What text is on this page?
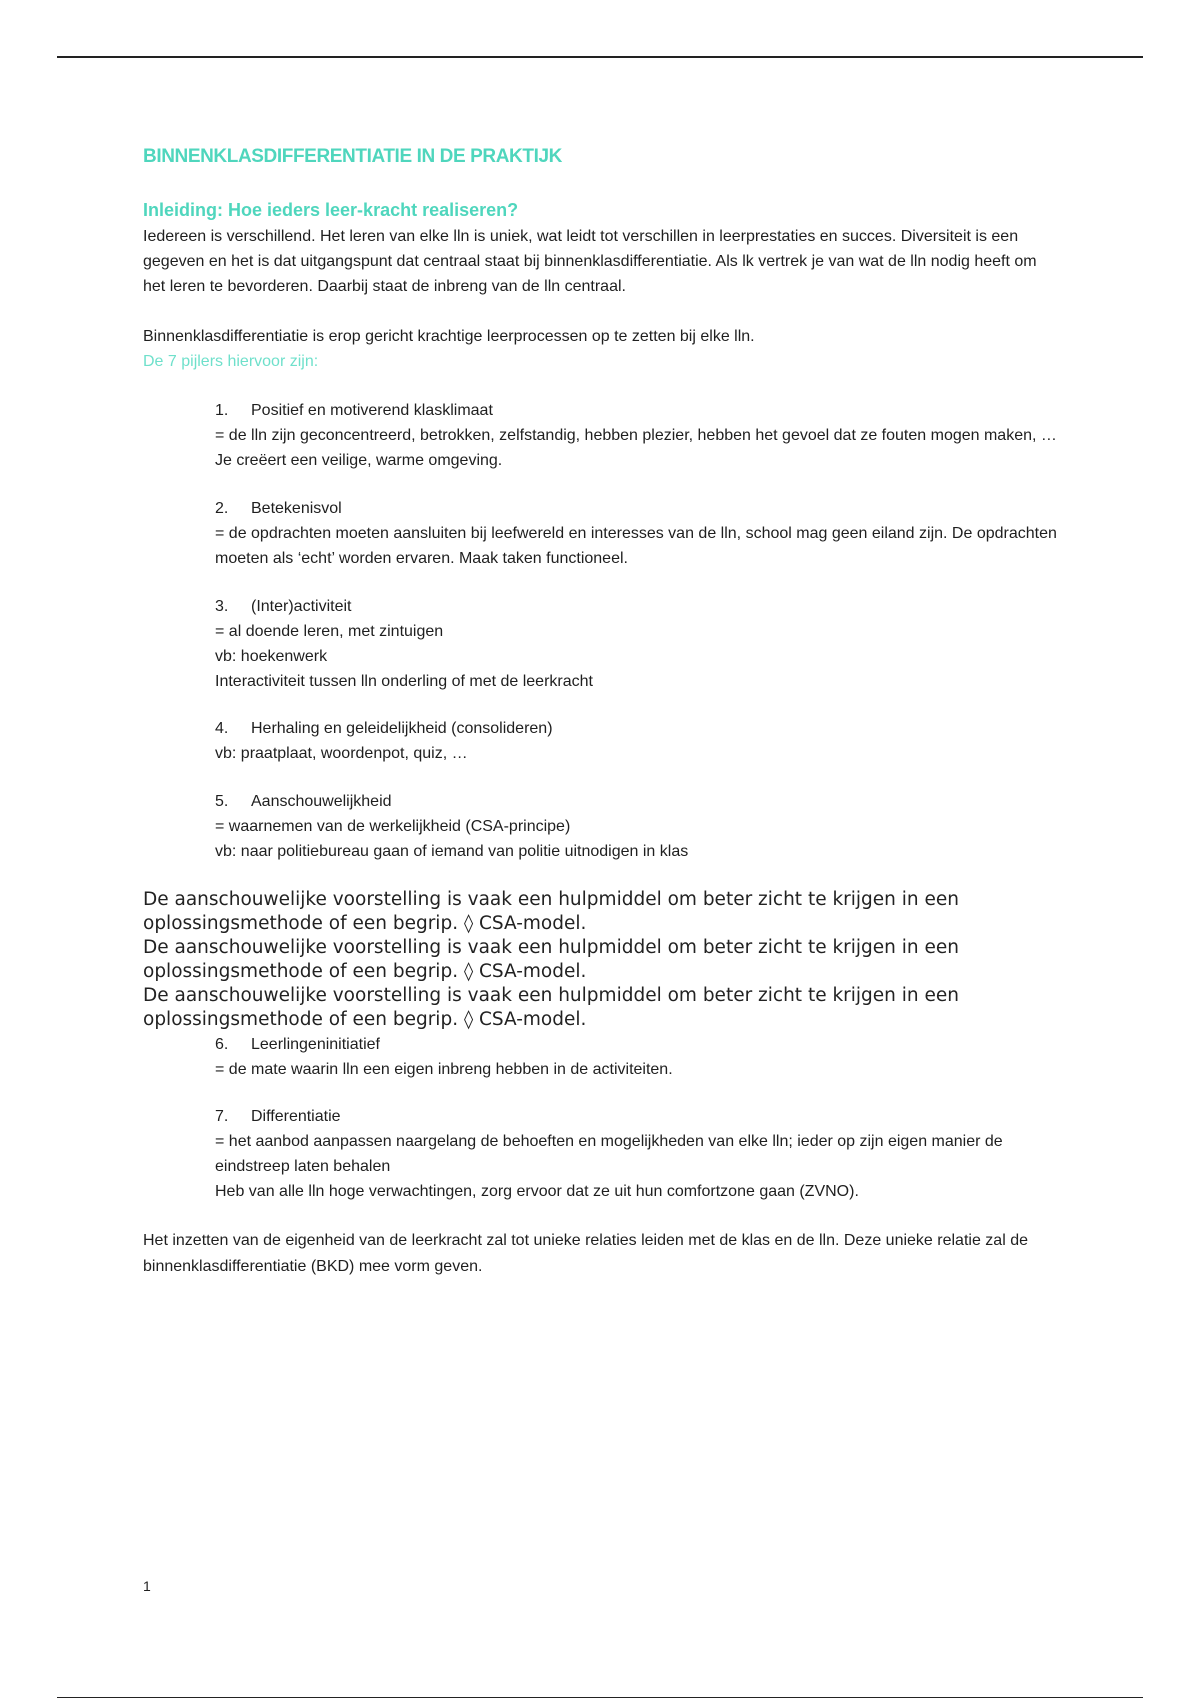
BINNENKLASDIFFERENTIATIE IN DE PRAKTIJK
Inleiding: Hoe ieders leer-kracht realiseren?

Iedereen is verschillend. Het leren van elke lln is uniek, wat leidt tot verschillen in leerprestaties en succes. Diversiteit is een gegeven en het is dat uitgangspunt dat centraal staat bij binnenklasdifferentiatie. Als lk vertrek je van wat de lln nodig heeft om het leren te bevorderen. Daarbij staat de inbreng van de lln centraal.

Binnenklasdifferentiatie is erop gericht krachtige leerprocessen op te zetten bij elke lln.

De 7 pijlers hiervoor zijn:

1.	Positief en motiverend klasklimaat

= de lln zijn geconcentreerd, betrokken, zelfstandig, hebben plezier, hebben het gevoel dat ze fouten mogen maken, … Je creëert een veilige, warme omgeving.

2.	Betekenisvol

= de opdrachten moeten aansluiten bij leefwereld en interesses van de lln, school mag geen eiland zijn. De opdrachten moeten als ‘echt’ worden ervaren. Maak taken functioneel.

3.	(Inter)activiteit

= al doende leren, met zintuigen

vb: hoekenwerk

Interactiviteit tussen lln onderling of met de leerkracht

4.	Herhaling en geleidelijkheid (consolideren)

vb: praatplaat, woordenpot, quiz, …

5.	Aanschouwelijkheid

= waarnemen van de werkelijkheid (CSA-principe)

vb: naar politiebureau gaan of iemand van politie uitnodigen in klas

De aanschouwelijke voorstelling is vaak een hulpmiddel om beter zicht te krijgen in een oplossingsmethode of een begrip. ◊ CSA-model.

De aanschouwelijke voorstelling is vaak een hulpmiddel om beter zicht te krijgen in een oplossingsmethode of een begrip. ◊ CSA-model.

De aanschouwelijke voorstelling is vaak een hulpmiddel om beter zicht te krijgen in een oplossingsmethode of een begrip. ◊ CSA-model.

6.	Leerlingeninitiatief

= de mate waarin lln een eigen inbreng hebben in de activiteiten.

7.	Differentiatie

= het aanbod aanpassen naargelang de behoeften en mogelijkheden van elke lln; ieder op zijn eigen manier de eindstreep laten behalen

Heb van alle lln hoge verwachtingen, zorg ervoor dat ze uit hun comfortzone gaan (ZVNO).

Het inzetten van de eigenheid van de leerkracht zal tot unieke relaties leiden met de klas en de lln. Deze unieke relatie zal de binnenklasdifferentiatie (BKD) mee vorm geven.

1
